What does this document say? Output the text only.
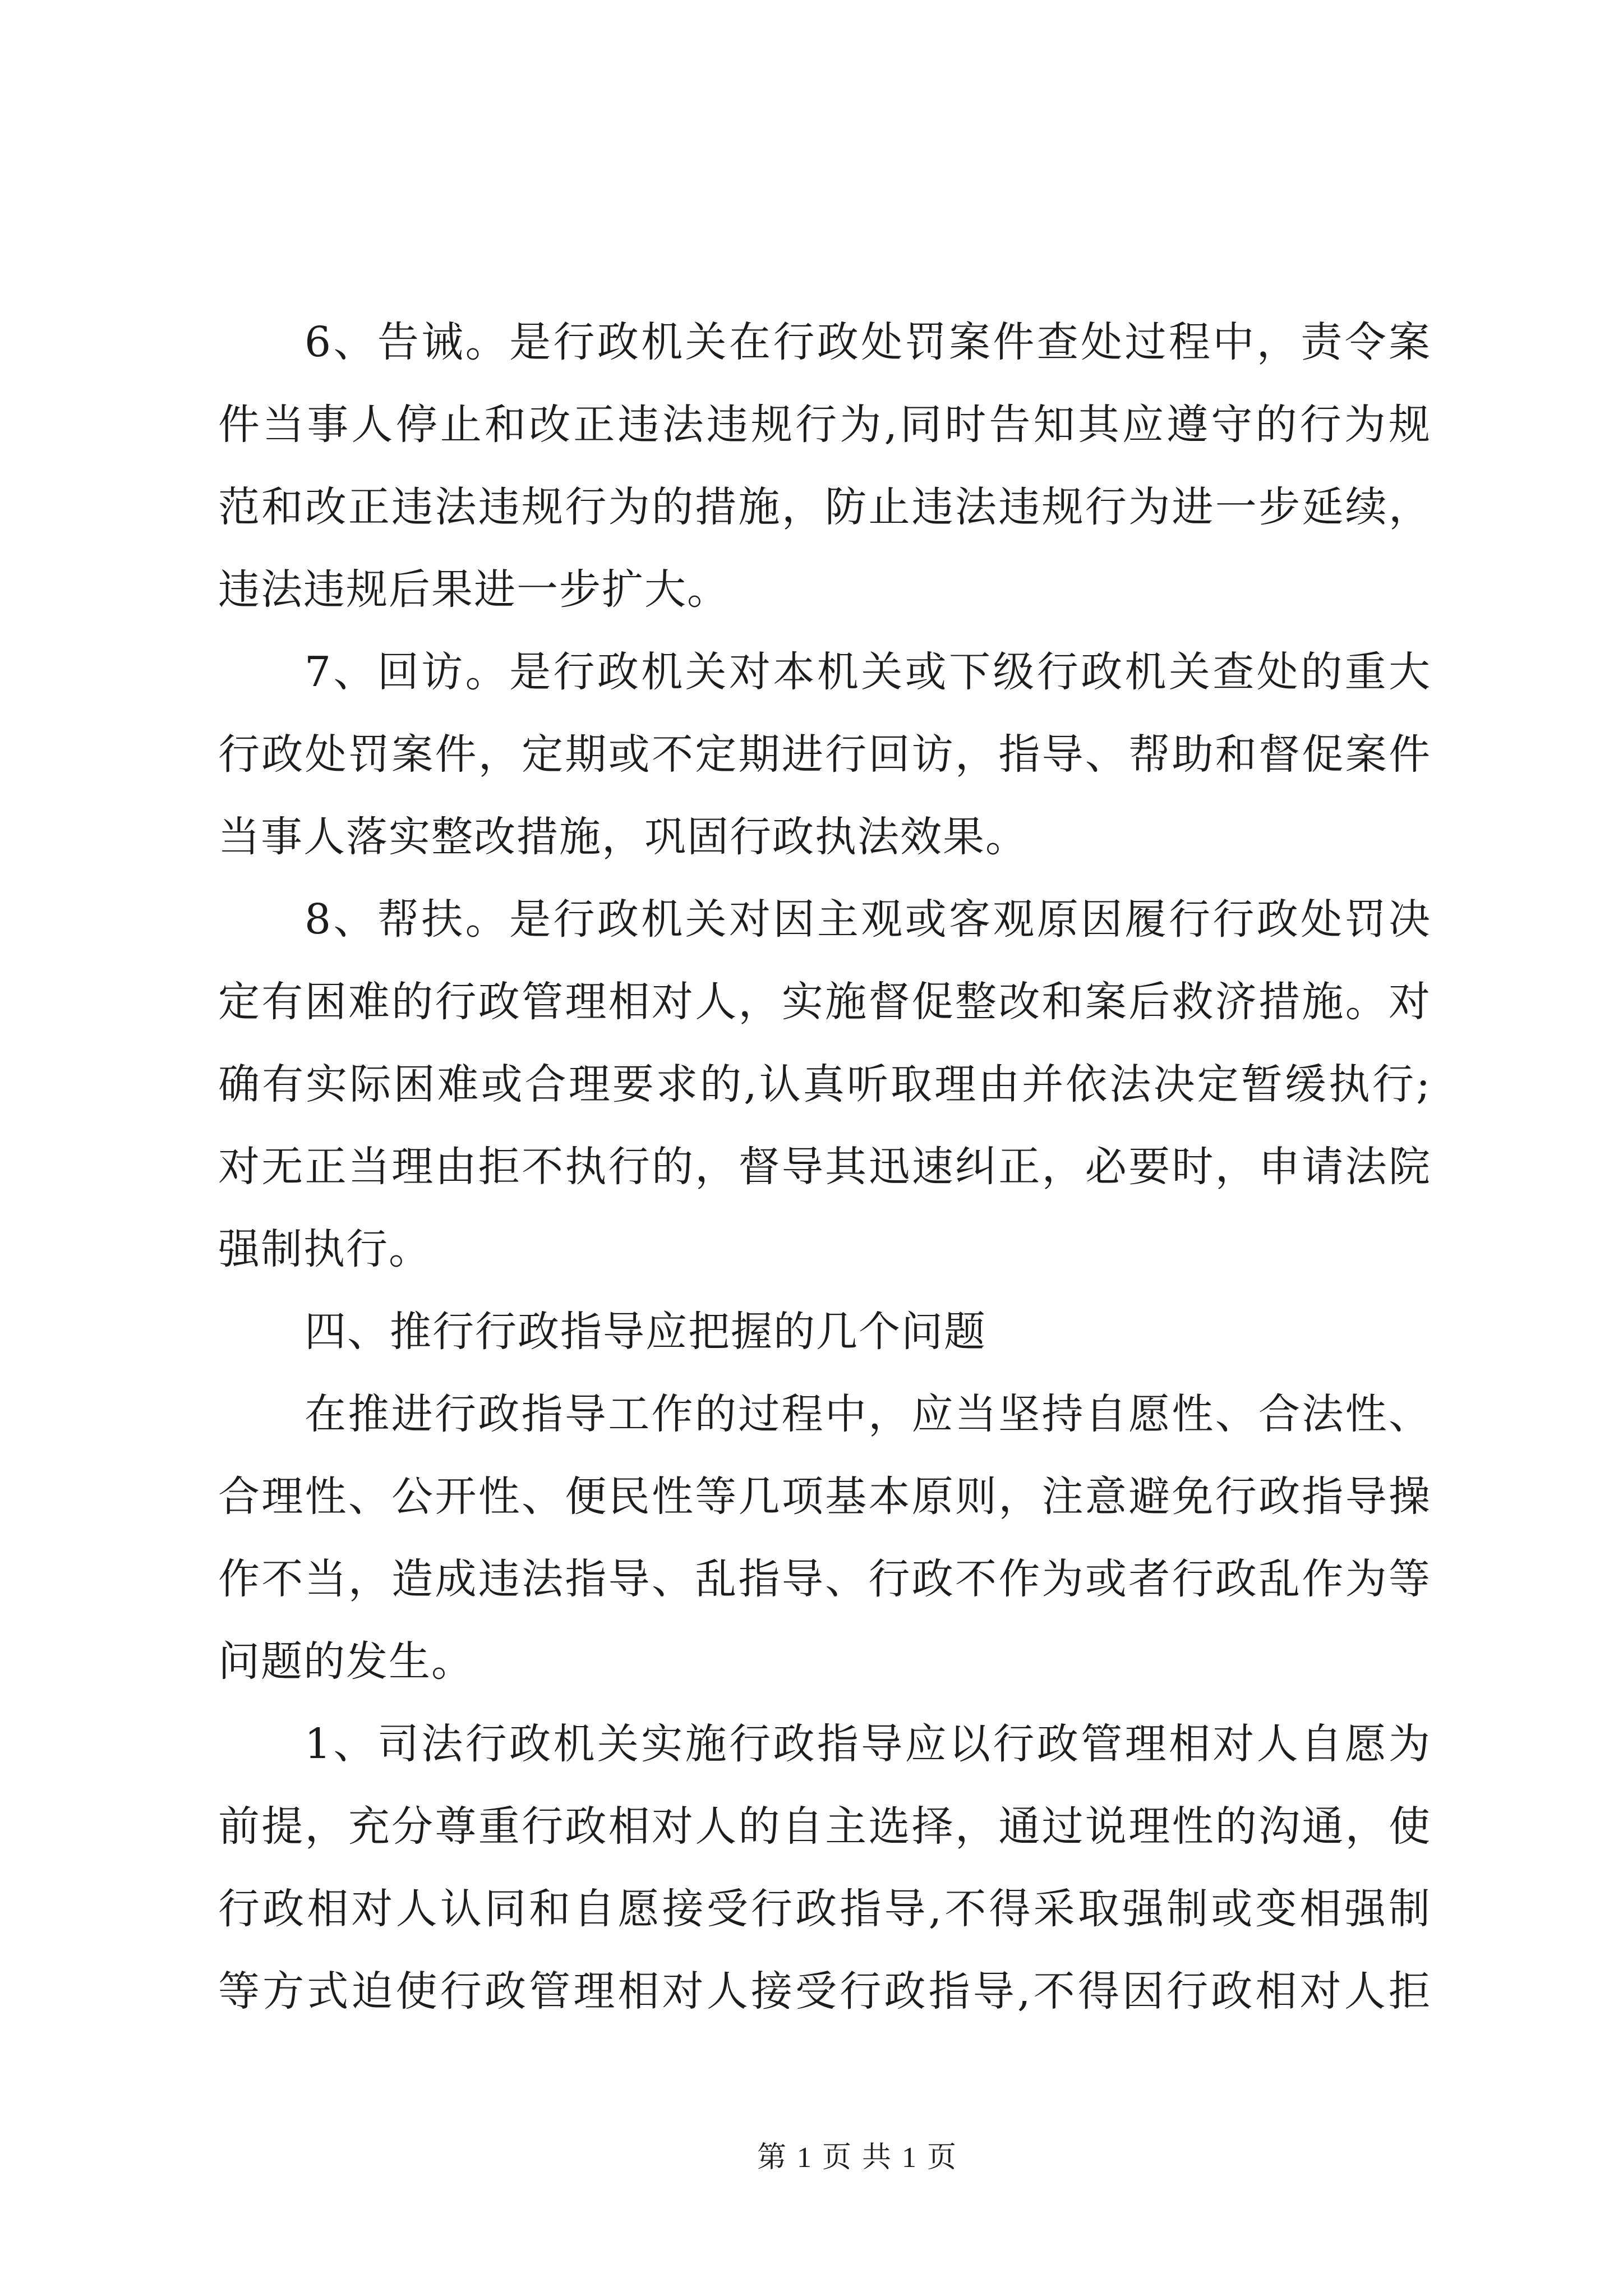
6、告诫。是行政机关在行政处罚案件查处过程中，责令案
件当事人停止和改正违法违规行为,同时告知其应遵守的行为规
范和改正违法违规行为的措施，防止违法违规行为进一步延续，
违法违规后果进一步扩大。
7、回访。是行政机关对本机关或下级行政机关查处的重大
行政处罚案件，定期或不定期进行回访，指导、帮助和督促案件
当事人落实整改措施，巩固行政执法效果。
8、帮扶。是行政机关对因主观或客观原因履行行政处罚决
定有困难的行政管理相对人，实施督促整改和案后救济措施。对
确有实际困难或合理要求的,认真听取理由并依法决定暂缓执行;
对无正当理由拒不执行的，督导其迅速纠正，必要时，申请法院
强制执行。
四、推行行政指导应把握的几个问题
在推进行政指导工作的过程中，应当坚持自愿性、合法性、
合理性、公开性、便民性等几项基本原则，注意避免行政指导操
作不当，造成违法指导、乱指导、行政不作为或者行政乱作为等
问题的发生。
1、司法行政机关实施行政指导应以行政管理相对人自愿为
前提，充分尊重行政相对人的自主选择，通过说理性的沟通，使
行政相对人认同和自愿接受行政指导,不得采取强制或变相强制
等方式迫使行政管理相对人接受行政指导,不得因行政相对人拒
第 1 页 共 1 页
